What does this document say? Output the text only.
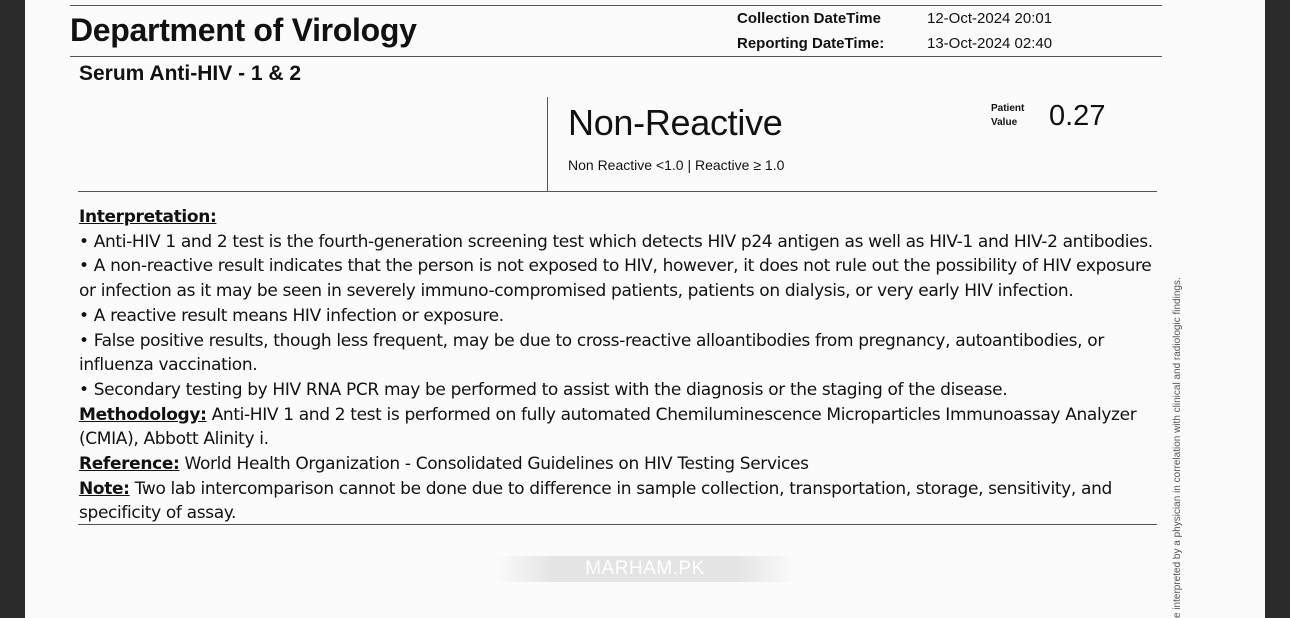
Department of Virology	Collection DateTime	12-Oct-2024 20:01
Reporting DateTime:	13-Oct-2024 02:40
Serum Anti-HIV - 1 & 2
Non-Reactive	Patient
Value 0.27
Non Reactive <1.0 | Reactive ≥ 1.0

Interpretation:

• Anti-HIV 1 and 2 test is the fourth-generation screening test which detects HIV p24 antigen as well as HIV-1 and HIV-2 antibodies.

• A non-reactive result indicates that the person is not exposed to HIV, however, it does not rule out the possibility of HIV exposure or infection as it may be seen in severely immuno-compromised patients, patients on dialysis, or very early HIV infection.

• A reactive result means HIV infection or exposure.

• False positive results, though less frequent, may be due to cross-reactive alloantibodies from pregnancy, autoantibodies, or influenza vaccination.

• Secondary testing by HIV RNA PCR may be performed to assist with the diagnosis or the staging of the disease.

Methodology: Anti-HIV 1 and 2 test is performed on fully automated Chemiluminescence Microparticles Immunoassay Analyzer (CMIA), Abbott Alinity i.

Reference: World Health Organization - Consolidated Guidelines on HIV Testing Services

Note: Two lab intercomparison cannot be done due to difference in sample collection, transportation, storage, sensitivity, and specificity of assay.

MARHAM.PK	e interpreted by a physician in correlation with clinical and radiologic findings.
